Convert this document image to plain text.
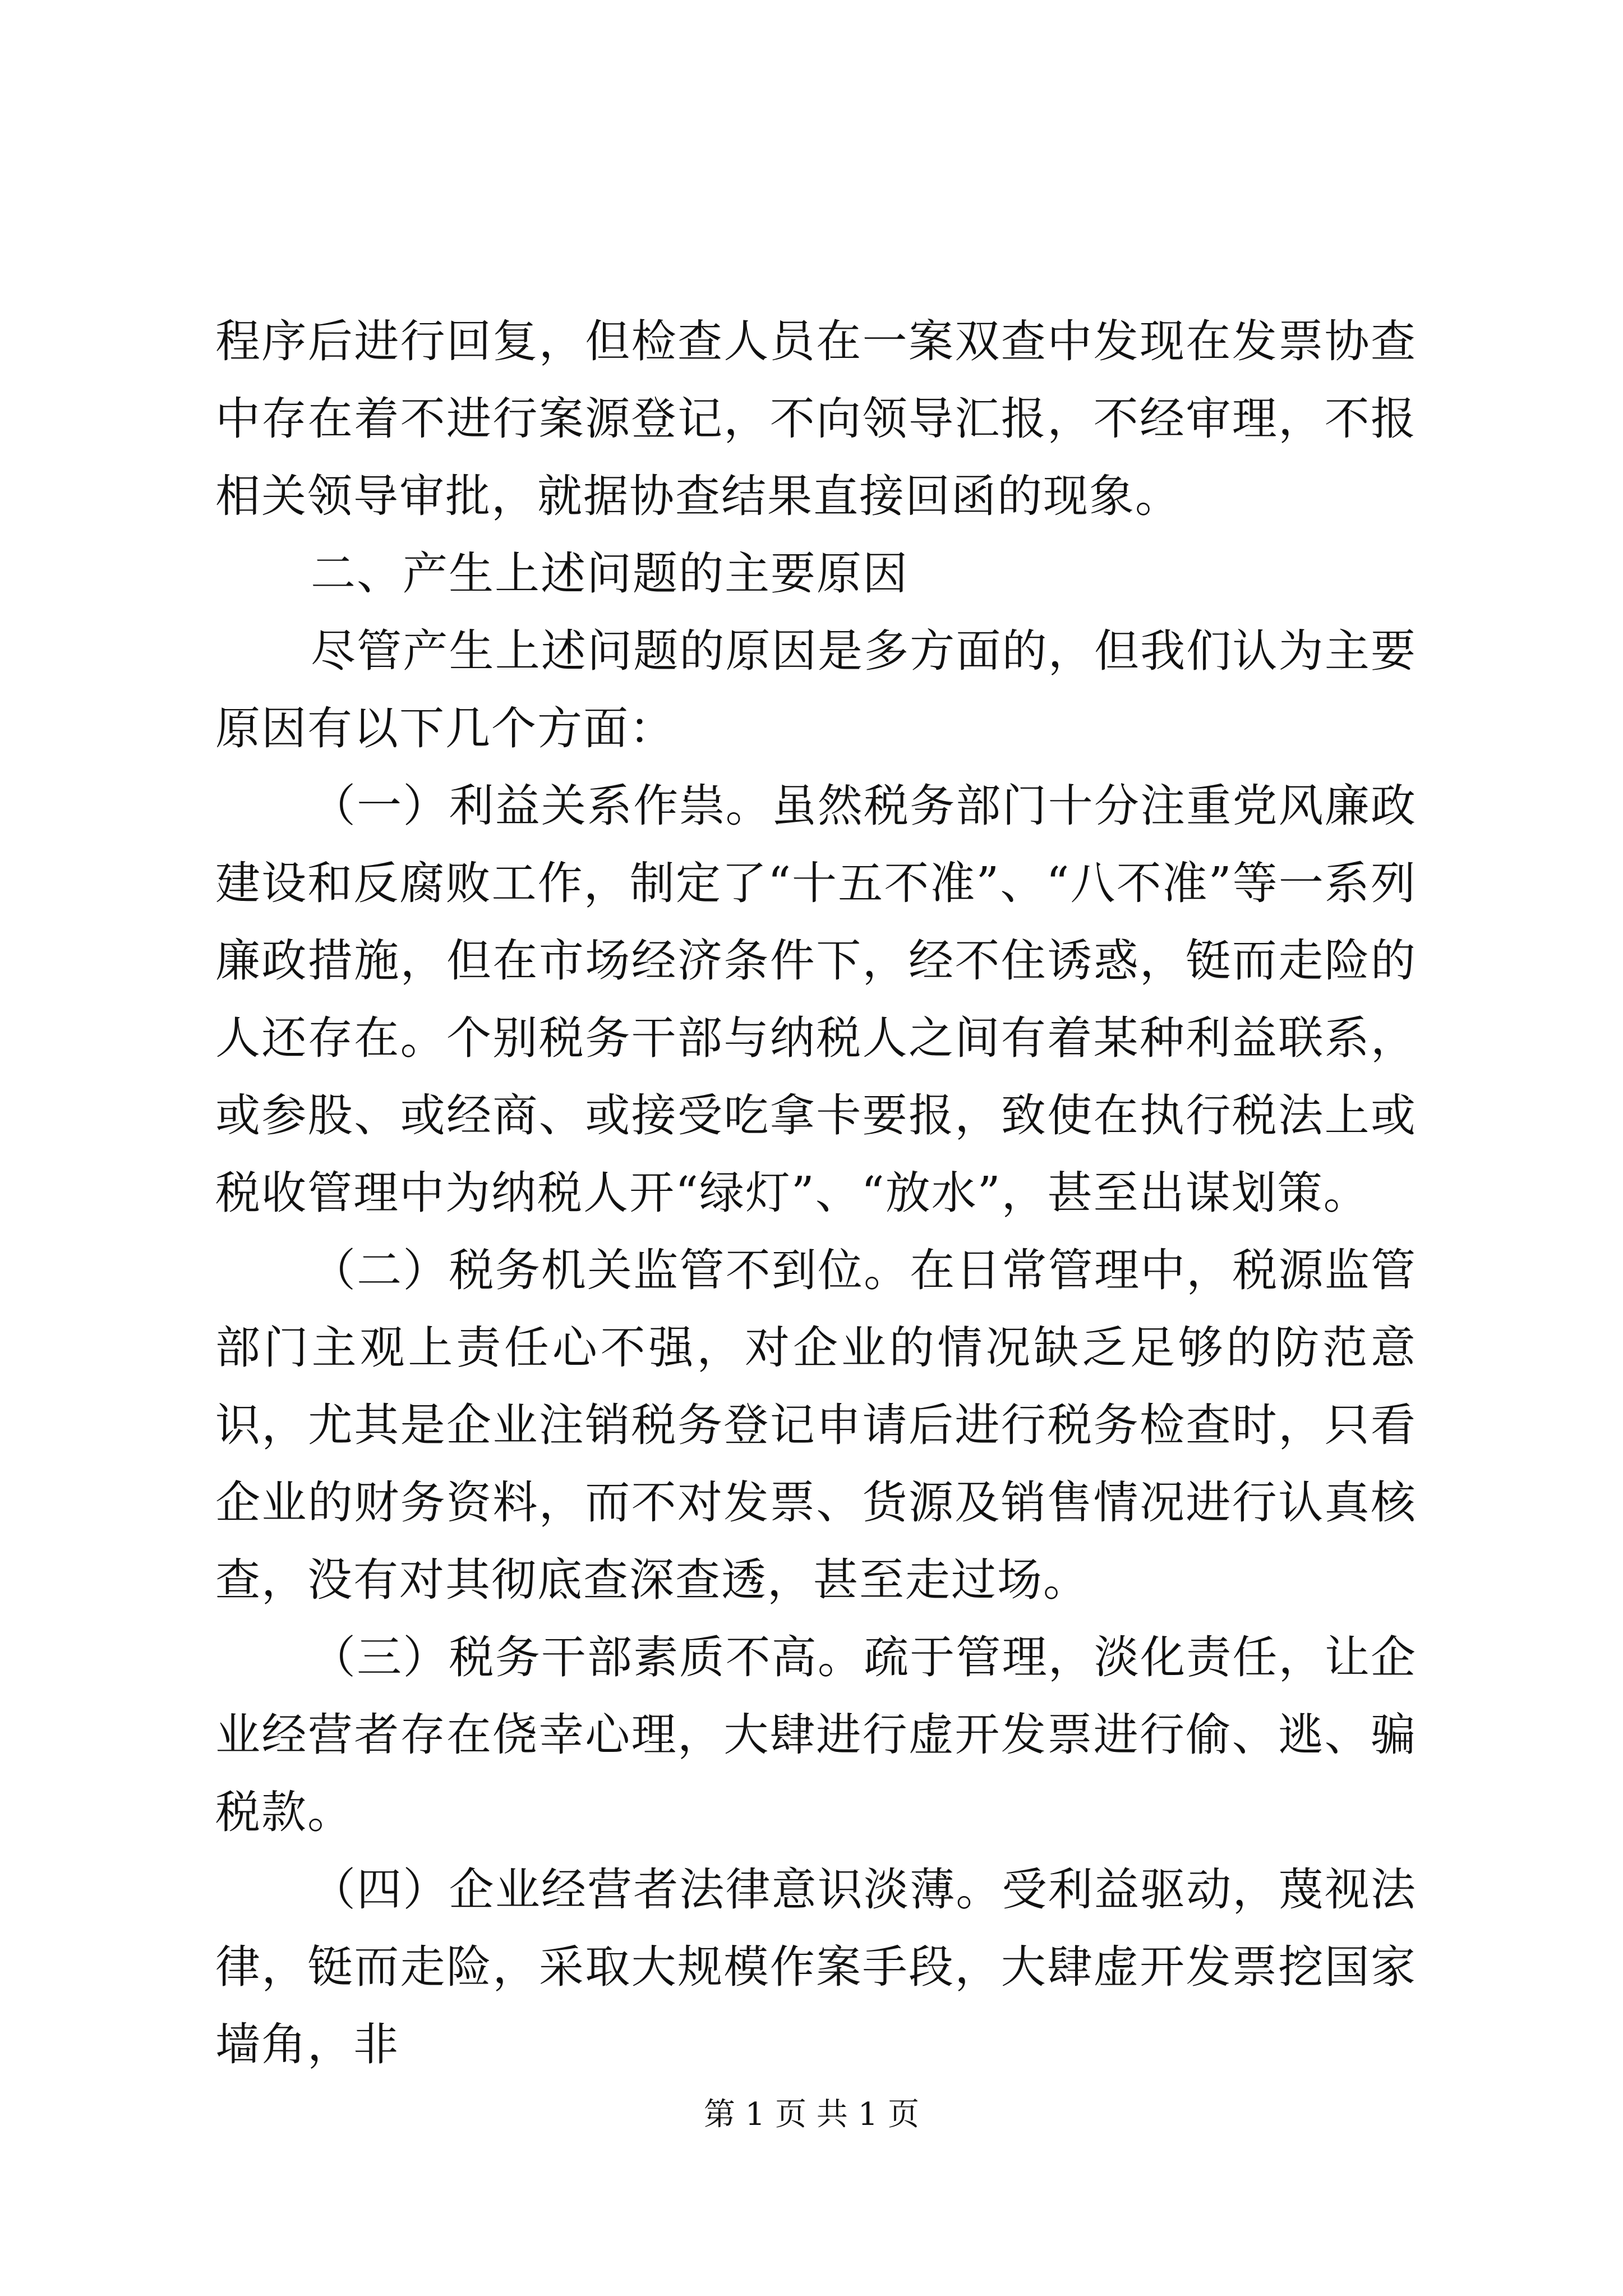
程序后进行回复，但检查人员在一案双查中发现在发票协查中存在着不进行案源登记，不向领导汇报，不经审理，不报相关领导审批，就据协查结果直接回函的现象。

二、产生上述问题的主要原因

尽管产生上述问题的原因是多方面的，但我们认为主要原因有以下几个方面：

（一）利益关系作祟。虽然税务部门十分注重党风廉政建设和反腐败工作，制定了“十五不准”、“八不准”等一系列廉政措施，但在市场经济条件下，经不住诱惑，铤而走险的人还存在。个别税务干部与纳税人之间有着某种利益联系，或参股、或经商、或接受吃拿卡要报，致使在执行税法上或税收管理中为纳税人开“绿灯”、“放水”，甚至出谋划策。

（二）税务机关监管不到位。在日常管理中，税源监管部门主观上责任心不强，对企业的情况缺乏足够的防范意识，尤其是企业注销税务登记申请后进行税务检查时，只看企业的财务资料，而不对发票、货源及销售情况进行认真核查，没有对其彻底查深查透，甚至走过场。

（三）税务干部素质不高。疏于管理，淡化责任，让企业经营者存在侥幸心理，大肆进行虚开发票进行偷、逃、骗税款。

（四）企业经营者法律意识淡薄。受利益驱动，蔑视法律，铤而走险，采取大规模作案手段，大肆虚开发票挖国家墙角，非

第 1 页 共 1 页
